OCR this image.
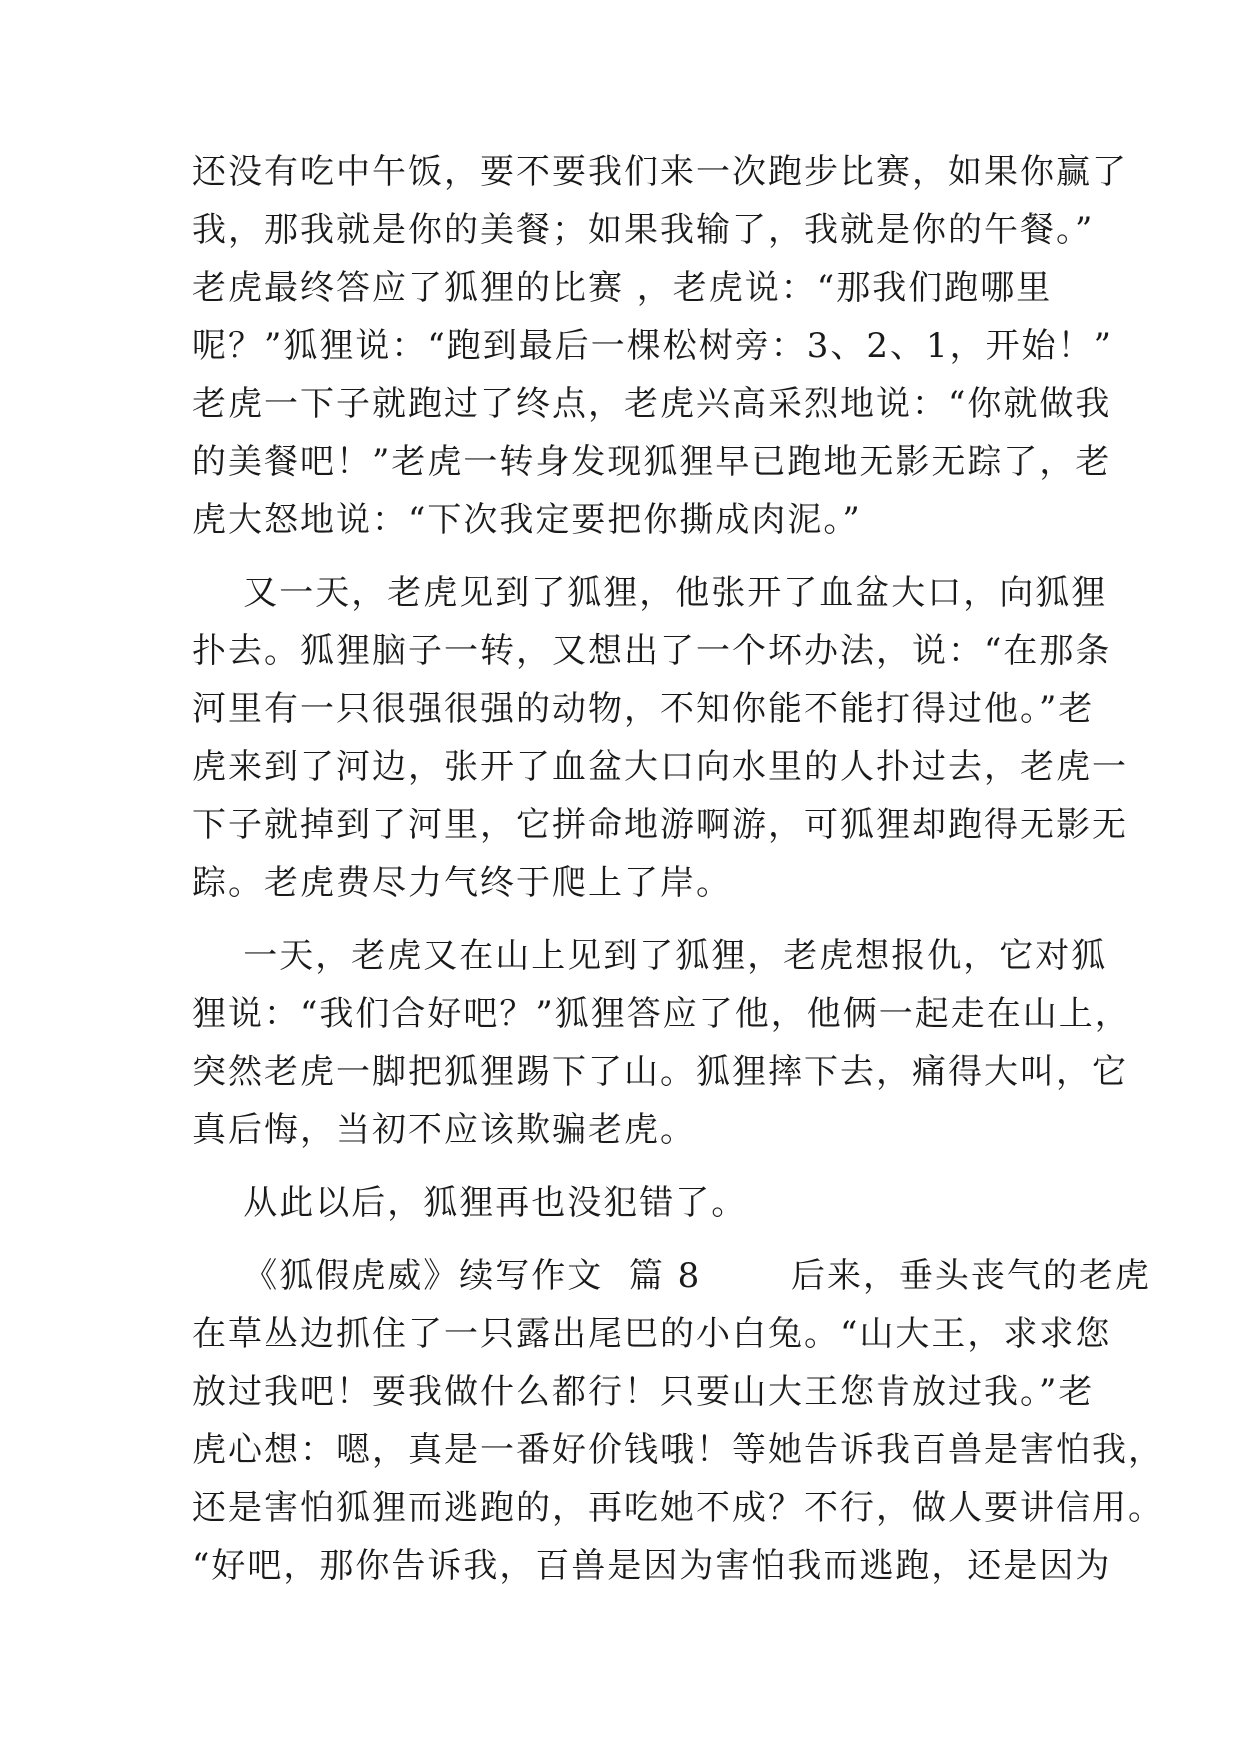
还没有吃中午饭，要不要我们来一次跑步比赛，如果你赢了
我，那我就是你的美餐；如果我输了，我就是你的午餐。”
老虎最终答应了狐狸的比赛 ，老虎说：“那我们跑哪里
呢？”狐狸说：“跑到最后一棵松树旁：3、2、1，开始！”
老虎一下子就跑过了终点，老虎兴高采烈地说：“你就做我
的美餐吧！”老虎一转身发现狐狸早已跑地无影无踪了，老
虎大怒地说：“下次我定要把你撕成肉泥。”
又一天，老虎见到了狐狸，他张开了血盆大口，向狐狸
扑去。狐狸脑子一转，又想出了一个坏办法，说：“在那条
河里有一只很强很强的动物，不知你能不能打得过他。”老
虎来到了河边，张开了血盆大口向水里的人扑过去，老虎一
下子就掉到了河里，它拼命地游啊游，可狐狸却跑得无影无
踪。老虎费尽力气终于爬上了岸。
一天，老虎又在山上见到了狐狸，老虎想报仇，它对狐
狸说：“我们合好吧？”狐狸答应了他，他俩一起走在山上，
突然老虎一脚把狐狸踢下了山。狐狸摔下去，痛得大叫，它
真后悔，当初不应该欺骗老虎。
从此以后，狐狸再也没犯错了。
《狐假虎威》续写作文  篇 8       后来，垂头丧气的老虎
在草丛边抓住了一只露出尾巴的小白兔。“山大王，求求您
放过我吧！要我做什么都行！只要山大王您肯放过我。”老
虎心想：嗯，真是一番好价钱哦！等她告诉我百兽是害怕我，
还是害怕狐狸而逃跑的，再吃她不成？不行，做人要讲信用。
“好吧，那你告诉我，百兽是因为害怕我而逃跑，还是因为
